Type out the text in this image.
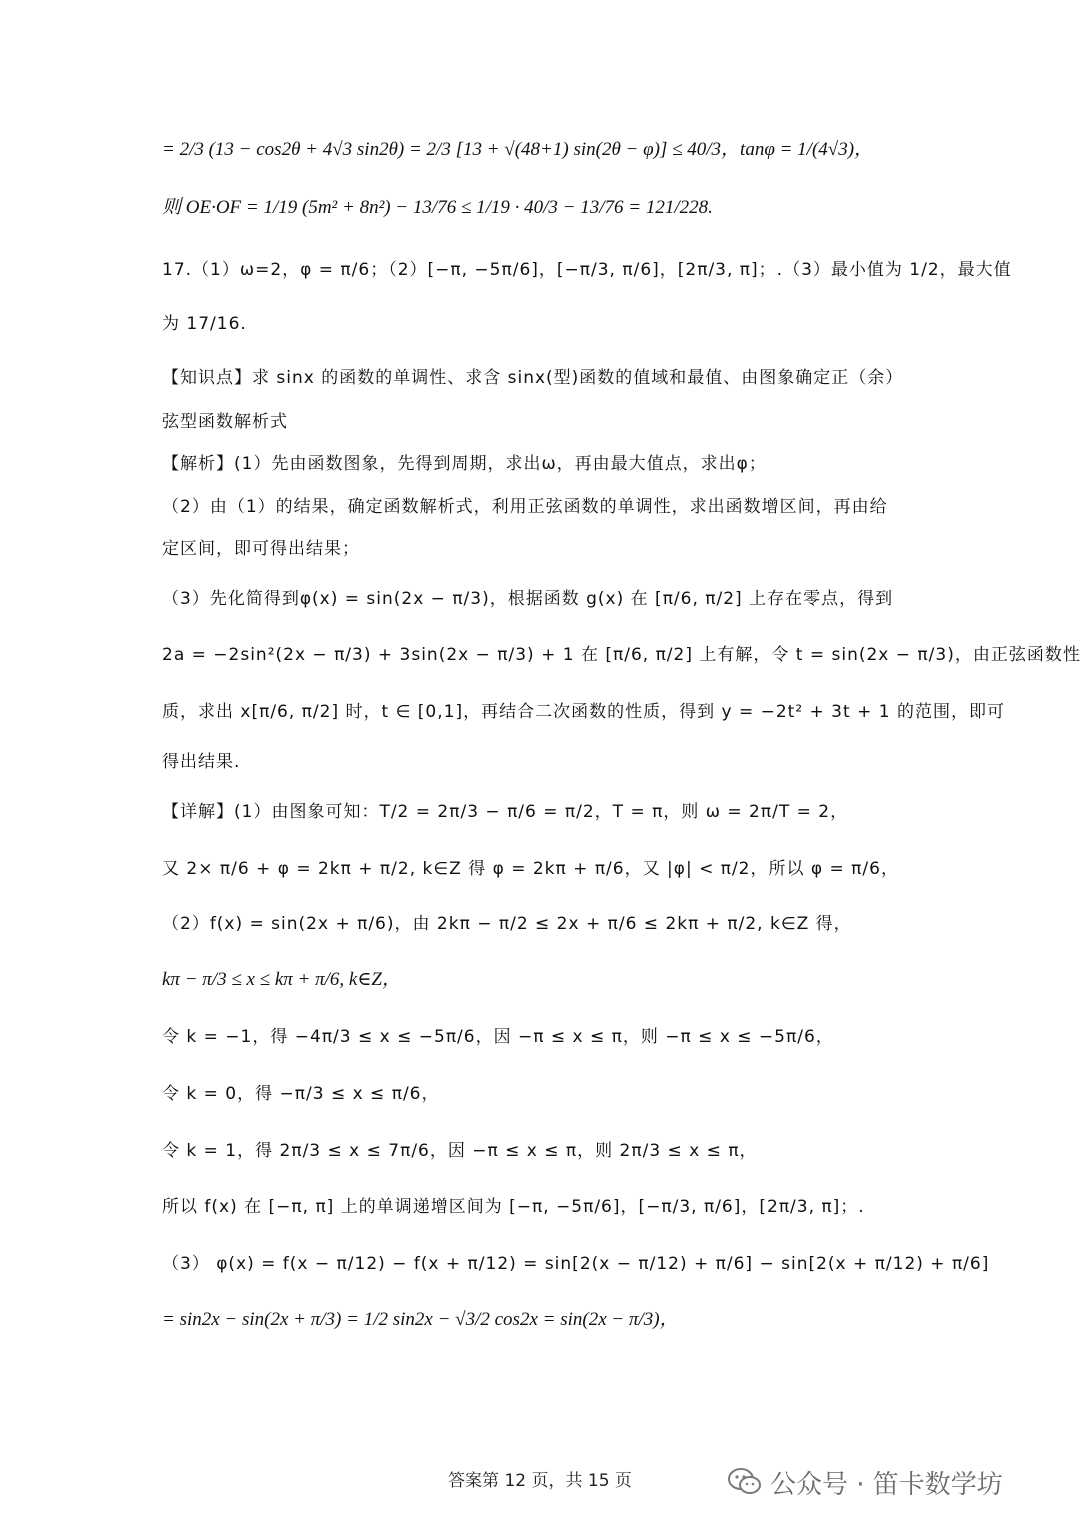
= 2/3 (13 − cos2θ + 4√3 sin2θ) = 2/3 [13 + √(48+1) sin(2θ − φ)] ≤ 40/3，tanφ = 1/(4√3)，
则 OE·OF = 1/19 (5m² + 8n²) − 13/76 ≤ 1/19 · 40/3 − 13/76 = 121/228.
17.（1）ω=2，φ = π/6；（2）[−π, −5π/6]，[−π/3, π/6]，[2π/3, π]；.（3）最小值为 1/2，最大值
为 17/16.
【知识点】求 sinx 的函数的单调性、求含 sinx(型)函数的值域和最值、由图象确定正（余）
弦型函数解析式
【解析】(1）先由函数图象，先得到周期，求出ω，再由最大值点，求出φ；
（2）由（1）的结果，确定函数解析式，利用正弦函数的单调性，求出函数增区间，再由给
定区间，即可得出结果；
（3）先化简得到φ(x) = sin(2x − π/3)，根据函数 g(x) 在 [π/6, π/2] 上存在零点，得到
2a = −2sin²(2x − π/3) + 3sin(2x − π/3) + 1 在 [π/6, π/2] 上有解，令 t = sin(2x − π/3)，由正弦函数性
质，求出 x[π/6, π/2] 时，t ∈ [0,1]，再结合二次函数的性质，得到 y = −2t² + 3t + 1 的范围，即可
得出结果.
【详解】(1）由图象可知：T/2 = 2π/3 − π/6 = π/2，T = π，则 ω = 2π/T = 2，
又 2× π/6 + φ = 2kπ + π/2, k∈Z 得 φ = 2kπ + π/6，又 |φ| < π/2，所以 φ = π/6，
（2）f(x) = sin(2x + π/6)，由 2kπ − π/2 ≤ 2x + π/6 ≤ 2kπ + π/2, k∈Z 得，
kπ − π/3 ≤ x ≤ kπ + π/6, k∈Z，
令 k = −1，得 −4π/3 ≤ x ≤ −5π/6，因 −π ≤ x ≤ π，则 −π ≤ x ≤ −5π/6，
令 k = 0，得 −π/3 ≤ x ≤ π/6，
令 k = 1，得 2π/3 ≤ x ≤ 7π/6，因 −π ≤ x ≤ π，则 2π/3 ≤ x ≤ π，
所以 f(x) 在 [−π, π] 上的单调递增区间为 [−π, −5π/6]，[−π/3, π/6]，[2π/3, π]；.
（3） φ(x) = f(x − π/12) − f(x + π/12) = sin[2(x − π/12) + π/6] − sin[2(x + π/12) + π/6]
= sin2x − sin(2x + π/3) = 1/2 sin2x − √3/2 cos2x = sin(2x − π/3)，
答案第 12 页，共 15 页	公众号 · 笛卡数学坊
